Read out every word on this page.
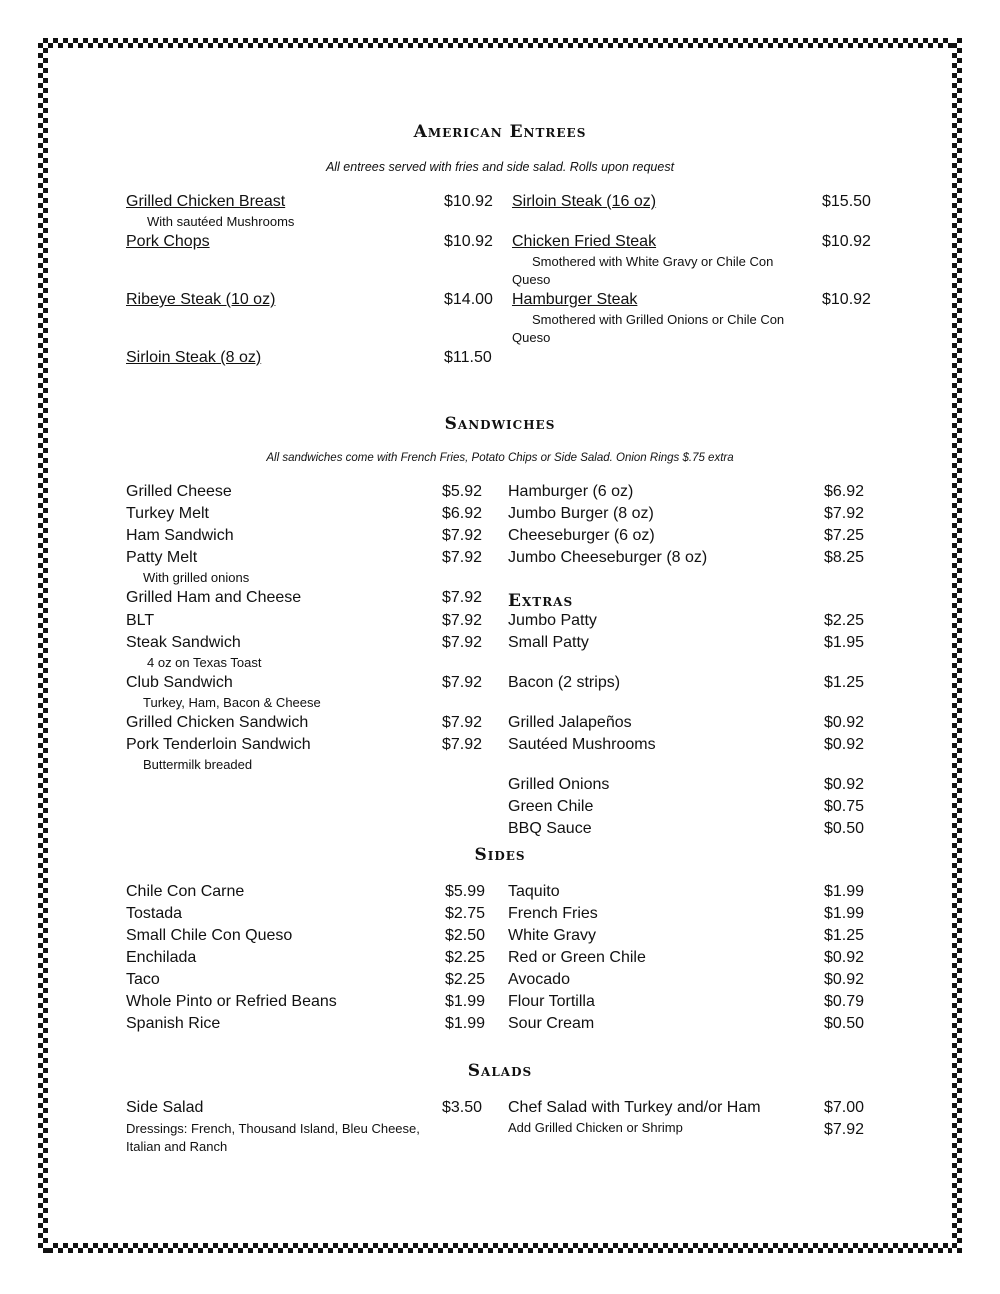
American Entrees
All entrees served with fries and side salad. Rolls upon request
Grilled Chicken Breast	$10.92
With sautéed Mushrooms
Pork Chops	$10.92
Ribeye Steak (10 oz)	$14.00
Sirloin Steak (8 oz)	$11.50
Sirloin Steak (16 oz)	$15.50
Chicken Fried Steak	$10.92
Smothered with White Gravy or Chile Con
Queso
Hamburger Steak	$10.92
Smothered with Grilled Onions or Chile Con
Queso
Sandwiches
All sandwiches come with French Fries, Potato Chips or Side Salad. Onion Rings $.75 extra
Grilled Cheese	$5.92
Turkey Melt	$6.92
Ham Sandwich	$7.92
Patty Melt	$7.92
With grilled onions
Grilled Ham and Cheese	$7.92
BLT	$7.92
Steak Sandwich	$7.92
4 oz on Texas Toast
Club Sandwich	$7.92
Turkey, Ham, Bacon & Cheese
Grilled Chicken Sandwich	$7.92
Pork Tenderloin Sandwich	$7.92
Buttermilk breaded
Hamburger (6 oz)	$6.92
Jumbo Burger (8 oz)	$7.92
Cheeseburger (6 oz)	$7.25
Jumbo Cheeseburger (8 oz)	$8.25
Extras
Jumbo Patty	$2.25
Small Patty	$1.95
Bacon (2 strips)	$1.25
Grilled Jalapeños	$0.92
Sautéed Mushrooms	$0.92
Grilled Onions	$0.92
Green Chile	$0.75
BBQ Sauce	$0.50
Sides
Chile Con Carne	$5.99
Tostada	$2.75
Small Chile Con Queso	$2.50
Enchilada	$2.25
Taco	$2.25
Whole Pinto or Refried Beans	$1.99
Spanish Rice	$1.99
Taquito	$1.99
French Fries	$1.99
White Gravy	$1.25
Red or Green Chile	$0.92
Avocado	$0.92
Flour Tortilla	$0.79
Sour Cream	$0.50
Salads
Side Salad	$3.50
Dressings: French, Thousand Island, Bleu Cheese, Italian and Ranch
Chef Salad with Turkey and/or Ham	$7.00
Add Grilled Chicken or Shrimp	$7.92
